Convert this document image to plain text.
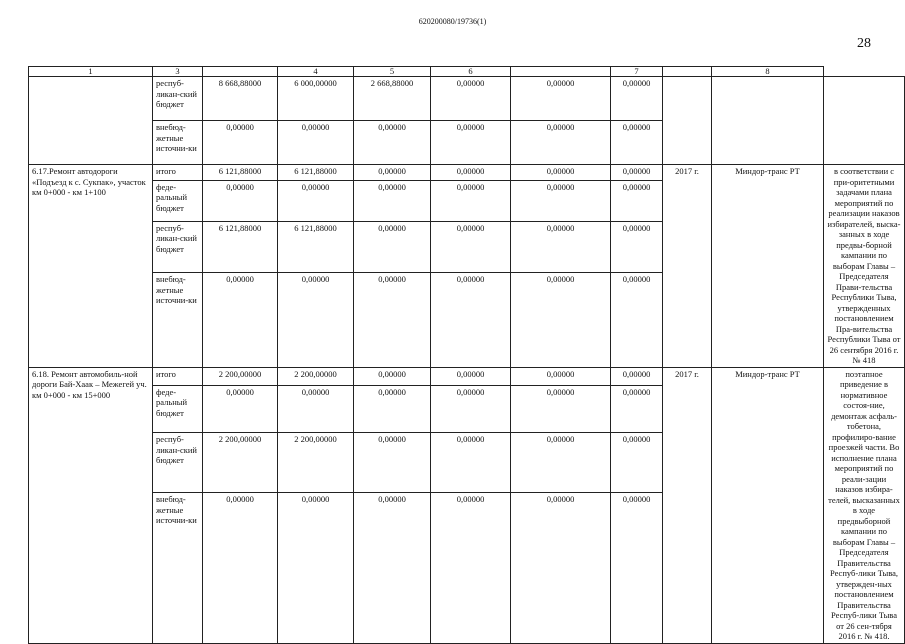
620200080/19736(1)
28
1	3		4	5	6		7		8	
	респуб-ликан-ский бюджет	8 668,88000	6 000,00000	2 668,88000	0,00000	0,00000	0,00000			
	внебюд-жетные источни-ки	0,00000	0,00000	0,00000	0,00000	0,00000	0,00000			
6.17.Ремонт автодороги «Подъезд к с. Сукпак», участок км 0+000 - км 1+100	итого	6 121,88000	6 121,88000	0,00000	0,00000	0,00000	0,00000	2017 г.	Миндор-транс РТ	в соответствии с при-оритетными задачами плана мероприятий по реализации наказов избирателей, выска-занных в ходе предвы-борной кампании по выборам Главы – Председателя Прави-тельства Республики Тыва, утвержденных постановлением Пра-вительства Республики Тыва от 26 сентября 2016 г. № 418
	феде-ральный бюджет	0,00000	0,00000	0,00000	0,00000	0,00000	0,00000			
	респуб-ликан-ский бюджет	6 121,88000	6 121,88000	0,00000	0,00000	0,00000	0,00000			
	внебюд-жетные источни-ки	0,00000	0,00000	0,00000	0,00000	0,00000	0,00000			
6.18. Ремонт автомобиль-ной дороги Бай-Хаак – Межегей уч. км 0+000 - км 15+000	итого	2 200,00000	2 200,00000	0,00000	0,00000	0,00000	0,00000	2017 г.	Миндор-транс РТ	поэтапное приведение в нормативное состоя-ние, демонтаж асфаль-тобетона, профилиро-вание проезжей части. Во исполнение плана мероприятий по реали-зации наказов избира-телей, высказанных в ходе предвыборной кампании по выборам Главы – Председателя Правительства Респуб-лики Тыва, утвержден-ных постановлением Правительства Респуб-лики Тыва от 26 сен-тября 2016 г. № 418.
	феде-ральный бюджет	0,00000	0,00000	0,00000	0,00000	0,00000	0,00000			
	респуб-ликан-ский бюджет	2 200,00000	2 200,00000	0,00000	0,00000	0,00000	0,00000			
	внебюд-жетные источни-ки	0,00000	0,00000	0,00000	0,00000	0,00000	0,00000			
